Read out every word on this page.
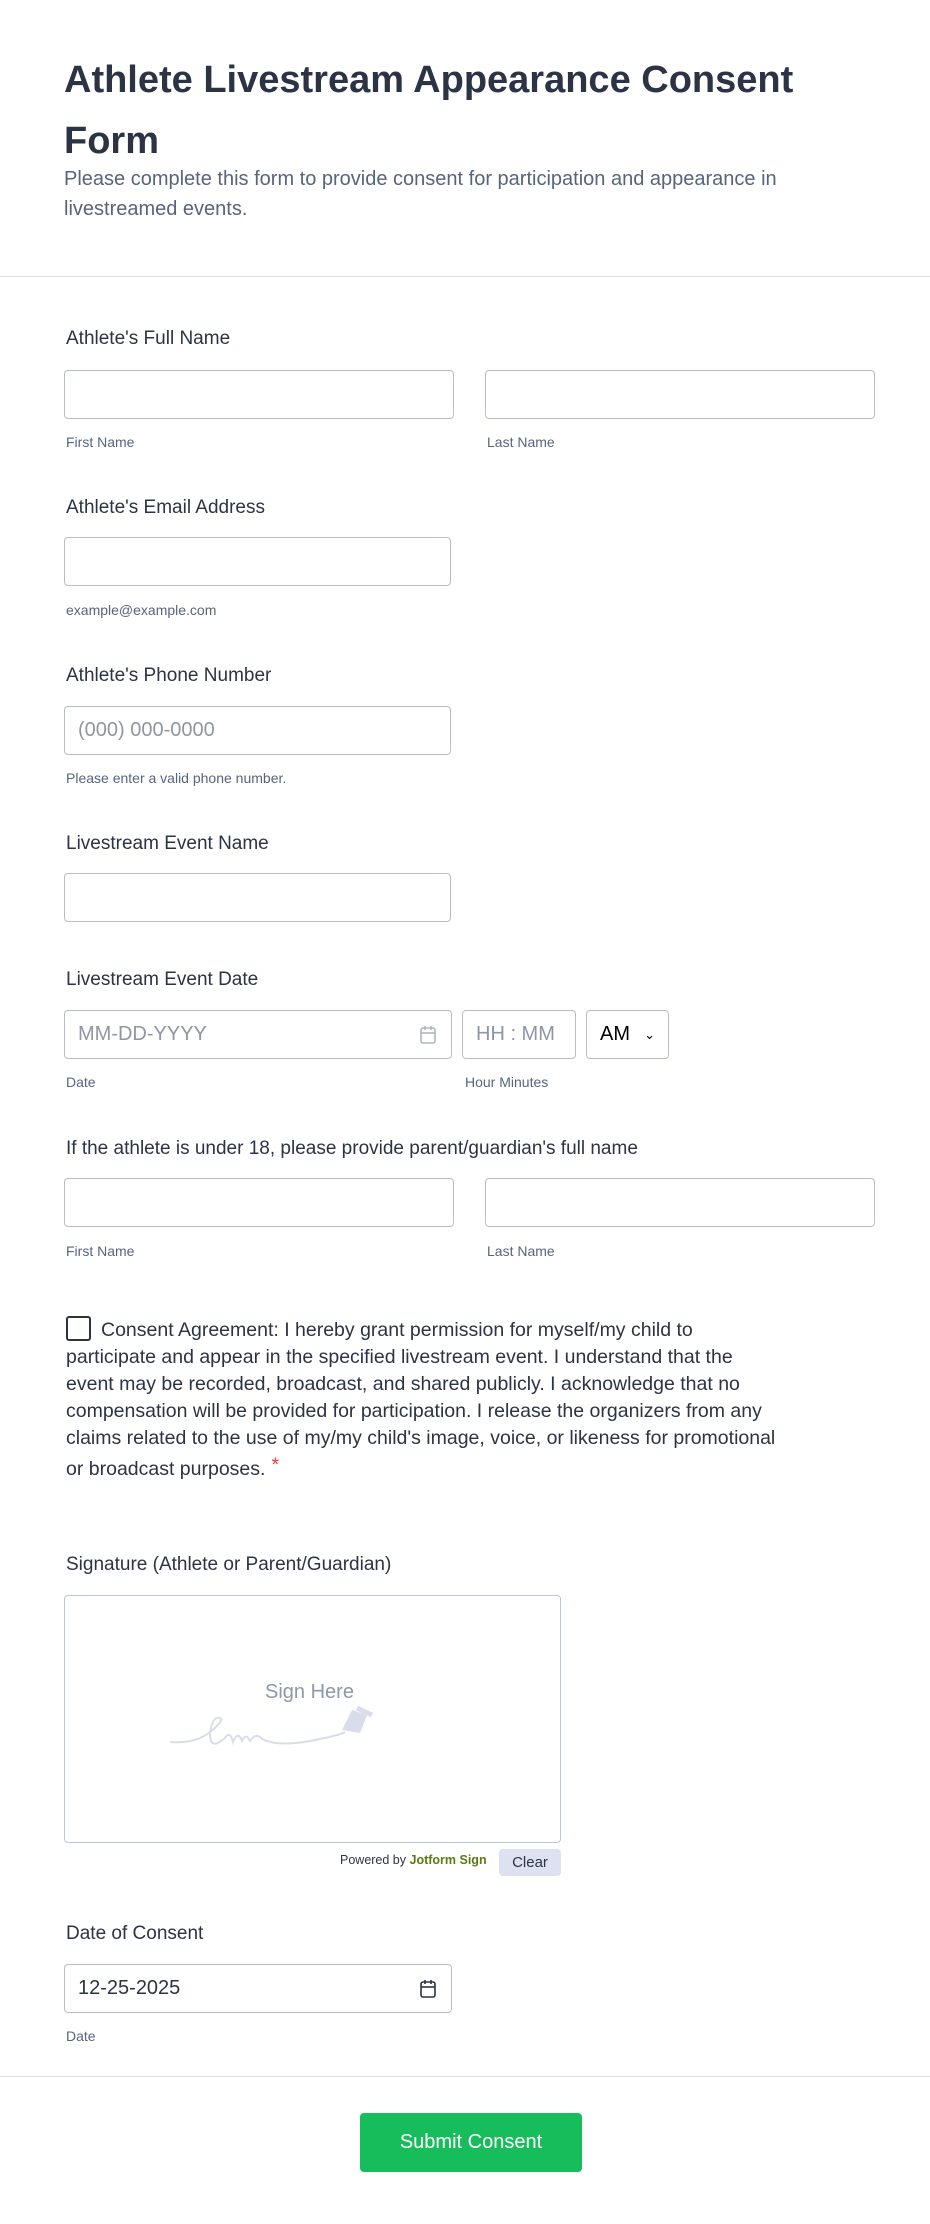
Athlete Livestream Appearance Consent Form
Please complete this form to provide consent for participation and appearance in livestreamed events.
Athlete's Full Name
First Name	Last Name
Athlete's Email Address
example@example.com
Athlete's Phone Number
(000) 000-0000
Please enter a valid phone number.
Livestream Event Name
Livestream Event Date
MM-DD-YYYY	HH : MM AM ⌄
Date	Hour Minutes
If the athlete is under 18, please provide parent/guardian's full name
First Name	Last Name
Consent Agreement: I hereby grant permission for myself/my child to participate and appear in the specified livestream event. I understand that the event may be recorded, broadcast, and shared publicly. I acknowledge that no compensation will be provided for participation. I release the organizers from any claims related to the use of my/my child's image, voice, or likeness for promotional or broadcast purposes. *
Signature (Athlete or Parent/Guardian)
Sign Here
Powered by Jotform Sign	Clear
Date of Consent
12-25-2025
Date
Submit Consent
